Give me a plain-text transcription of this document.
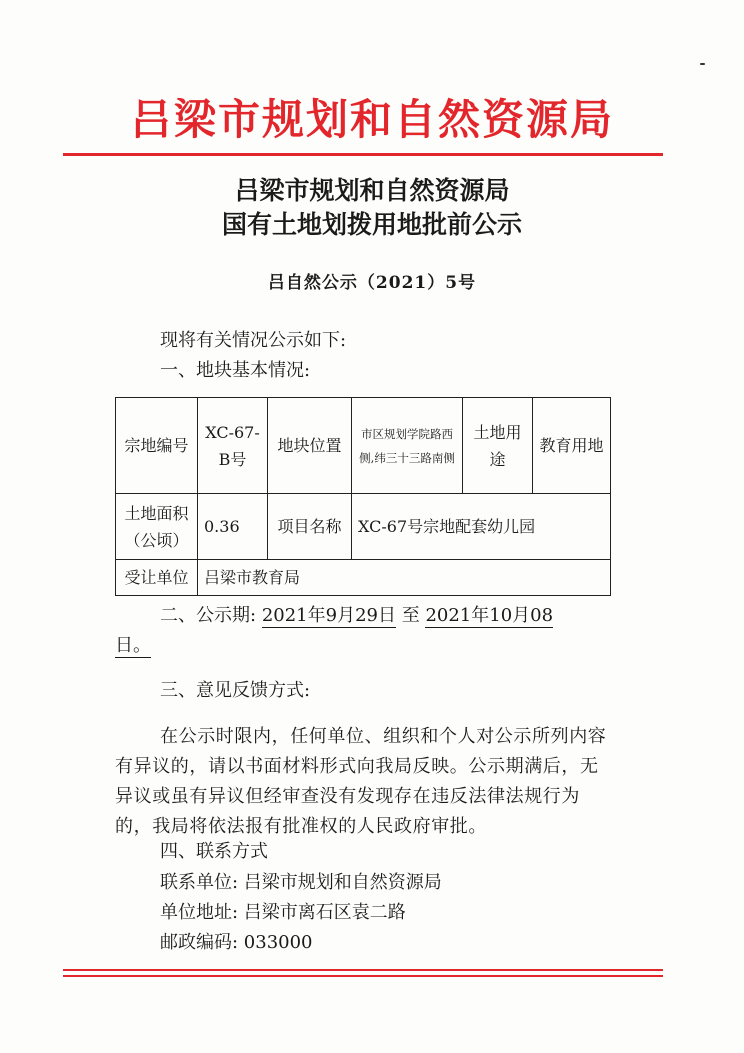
吕梁市规划和自然资源局
吕梁市规划和自然资源局
国有土地划拨用地批前公示
吕自然公示（2021）5号
现将有关情况公示如下:
一、地块基本情况:
宗地编号	XC-67-B号	地块位置	市区规划学院路西侧,纬三十三路南侧	土地用途	教育用地
土地面积（公顷）	0.36	项目名称	XC-67号宗地配套幼儿园		
受让单位	吕梁市教育局				
二、公示期: 2021年9月29日 至 2021年10月08
日。
三、意见反馈方式:
在公示时限内，任何单位、组织和个人对公示所列内容有异议的，请以书面材料形式向我局反映。公示期满后，无异议或虽有异议但经审查没有发现存在违反法律法规行为的，我局将依法报有批准权的人民政府审批。
四、联系方式
联系单位: 吕梁市规划和自然资源局
单位地址: 吕梁市离石区袁二路
邮政编码: 033000
